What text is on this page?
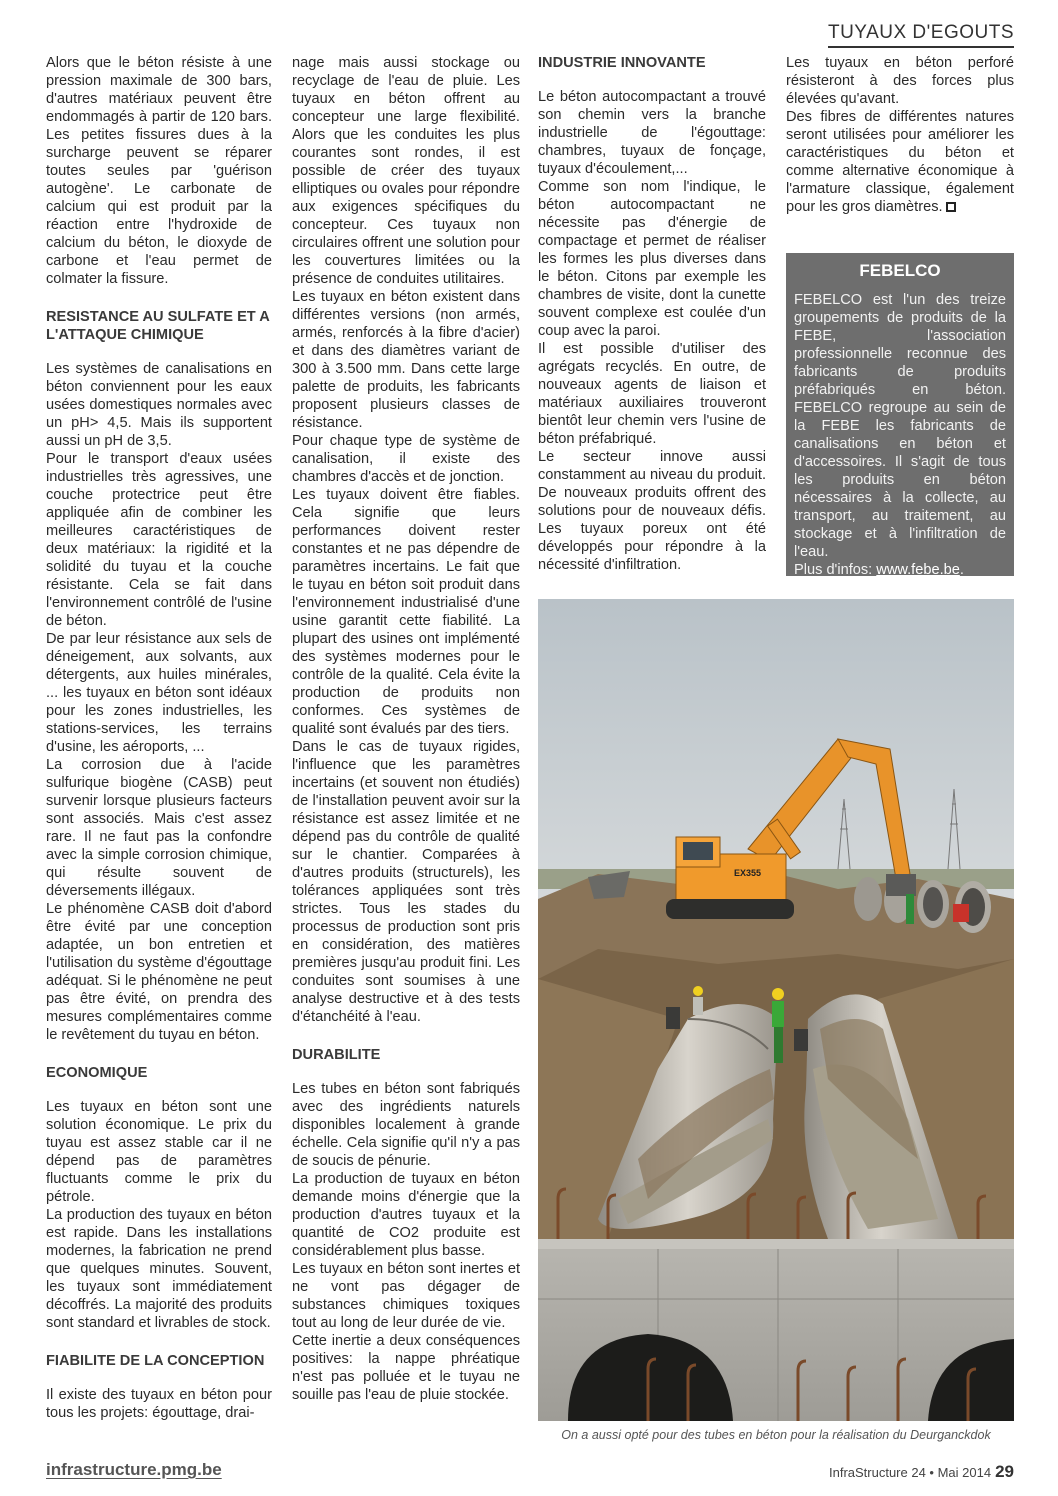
TUYAUX D'EGOUTS

Alors que le béton résiste à une pression maximale de 300 bars, d'autres matériaux peuvent être endommagés à partir de 120 bars. Les petites fissures dues à la surcharge peuvent se réparer toutes seules par 'guérison autogène'. Le carbonate de calcium qui est produit par la réaction entre l'hydroxide de calcium du béton, le dioxyde de carbone et l'eau permet de colmater la fissure.

RESISTANCE AU SULFATE ET A L'ATTAQUE CHIMIQUE

Les systèmes de canalisations en béton conviennent pour les eaux usées domestiques normales avec un pH> 4,5. Mais ils supportent aussi un pH de 3,5.

Pour le transport d'eaux usées industrielles très agressives, une couche protectrice peut être appliquée afin de combiner les meilleures caractéristiques de deux matériaux: la rigidité et la solidité du tuyau et la couche résistante. Cela se fait dans l'environnement contrôlé de l'usine de béton.

De par leur résistance aux sels de déneigement, aux solvants, aux détergents, aux huiles minérales, ... les tuyaux en béton sont idéaux pour les zones industrielles, les stations-services, les terrains d'usine, les aéroports, ...

La corrosion due à l'acide sulfurique biogène (CASB) peut survenir lorsque plusieurs facteurs sont associés. Mais c'est assez rare. Il ne faut pas la confondre avec la simple corrosion chimique, qui résulte souvent de déversements illégaux.

Le phénomène CASB doit d'abord être évité par une conception adaptée, un bon entretien et l'utilisation du système d'égouttage adéquat. Si le phénomène ne peut pas être évité, on prendra des mesures complémentaires comme le revêtement du tuyau en béton.

ECONOMIQUE

Les tuyaux en béton sont une solution économique. Le prix du tuyau est assez stable car il ne dépend pas de paramètres fluctuants comme le prix du pétrole.

La production des tuyaux en béton est rapide. Dans les installations modernes, la fabrication ne prend que quelques minutes. Souvent, les tuyaux sont immédiatement décoffrés. La majorité des produits sont standard et livrables de stock.

FIABILITE DE LA CONCEPTION

Il existe des tuyaux en béton pour tous les projets: égouttage, drai-

nage mais aussi stockage ou recyclage de l'eau de pluie. Les tuyaux en béton offrent au concepteur une large flexibilité. Alors que les conduites les plus courantes sont rondes, il est possible de créer des tuyaux elliptiques ou ovales pour répondre aux exigences spécifiques du concepteur. Ces tuyaux non circulaires offrent une solution pour les couvertures limitées ou la présence de conduites utilitaires.

Les tuyaux en béton existent dans différentes versions (non armés, armés, renforcés à la fibre d'acier) et dans des diamètres variant de 300 à 3.500 mm. Dans cette large palette de produits, les fabricants proposent plusieurs classes de résistance.

Pour chaque type de système de canalisation, il existe des chambres d'accès et de jonction.

Les tuyaux doivent être fiables. Cela signifie que leurs performances doivent rester constantes et ne pas dépendre de paramètres incertains. Le fait que le tuyau en béton soit produit dans l'environnement industrialisé d'une usine garantit cette fiabilité. La plupart des usines ont implémenté des systèmes modernes pour le contrôle de la qualité. Cela évite la production de produits non conformes. Ces systèmes de qualité sont évalués par des tiers.

Dans le cas de tuyaux rigides, l'influence que les paramètres incertains (et souvent non étudiés) de l'installation peuvent avoir sur la résistance est assez limitée et ne dépend pas du contrôle de qualité sur le chantier. Comparées à d'autres produits (structurels), les tolérances appliquées sont très strictes. Tous les stades du processus de production sont pris en considération, des matières premières jusqu'au produit fini. Les conduites sont soumises à une analyse destructive et à des tests d'étanchéité à l'eau.

DURABILITE

Les tubes en béton sont fabriqués avec des ingrédients naturels disponibles localement à grande échelle. Cela signifie qu'il n'y a pas de soucis de pénurie.

La production de tuyaux en béton demande moins d'énergie que la production d'autres tuyaux et la quantité de CO2 produite est considérablement plus basse.

Les tuyaux en béton sont inertes et ne vont pas dégager de substances chimiques toxiques tout au long de leur durée de vie.

Cette inertie a deux conséquences positives: la nappe phréatique n'est pas polluée et le tuyau ne souille pas l'eau de pluie stockée.

INDUSTRIE INNOVANTE

Le béton autocompactant a trouvé son chemin vers la branche industrielle de l'égouttage: chambres, tuyaux de fonçage, tuyaux d'écoulement,...

Comme son nom l'indique, le béton autocompactant ne nécessite pas d'énergie de compactage et permet de réaliser les formes les plus diverses dans le béton. Citons par exemple les chambres de visite, dont la cunette souvent complexe est coulée d'un coup avec la paroi.

Il est possible d'utiliser des agrégats recyclés. En outre, de nouveaux agents de liaison et matériaux auxiliaires trouveront bientôt leur chemin vers l'usine de béton préfabriqué.

Le secteur innove aussi constamment au niveau du produit. De nouveaux produits offrent des solutions pour de nouveaux défis. Les tuyaux poreux ont été développés pour répondre à la nécessité d'infiltration.

Les tuyaux en béton perforé résisteront à des forces plus élevées qu'avant.

Des fibres de différentes natures seront utilisées pour améliorer les caractéristiques du béton et comme alternative économique à l'armature classique, également pour les gros diamètres.

FEBELCO

FEBELCO est l'un des treize groupements de produits de la FEBE, l'association professionnelle reconnue des fabricants de produits préfabriqués en béton. FEBELCO regroupe au sein de la FEBE les fabricants de canalisations en béton et d'accessoires. Il s'agit de tous les produits en béton nécessaires à la collecte, au transport, au traitement, au stockage et à l'infiltration de l'eau.

Plus d'infos: www.febe.be.

EX355
On a aussi opté pour des tubes en béton pour la réalisation du Deurganckdok
infrastructure.pmg.be	InfraStructure 24 • Mai 2014 29
